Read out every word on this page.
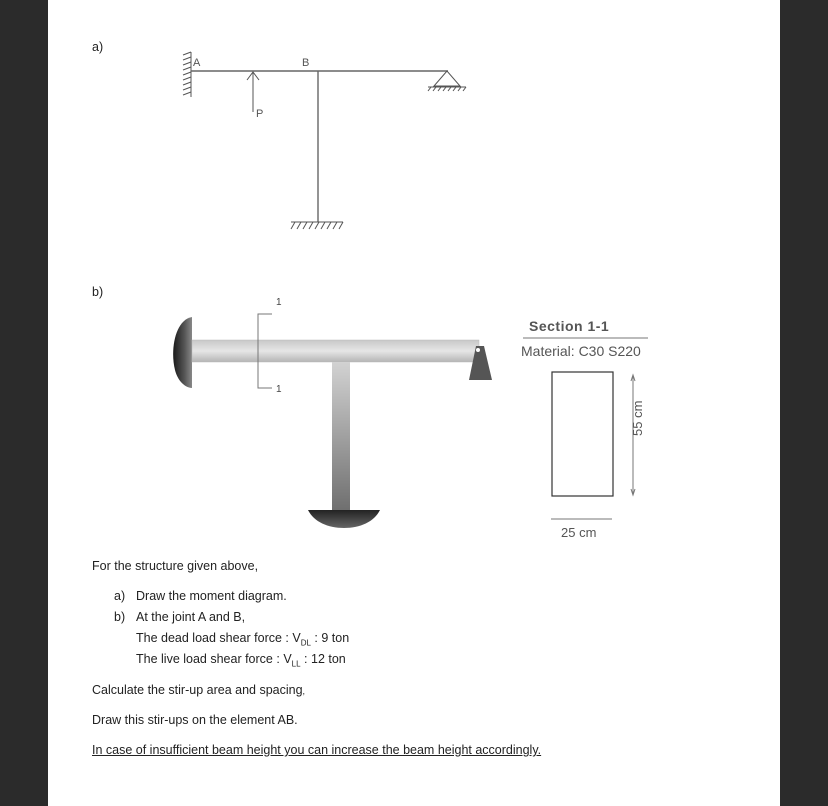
a)
b)
A	B
P
1
1
Section 1-1
Material: C30 S220
55 cm
25 cm
For the structure given above,
a) Draw the moment diagram.
b) At the joint A and B,
The dead load shear force : $V_{DL}$ : 9 ton
The live load shear force : $V_{LL}$ : 12 ton
Calculate the stir-up area and spacing,
Draw this stir-ups on the element AB.
In case of insufficient beam height you can increase the beam height accordingly.
